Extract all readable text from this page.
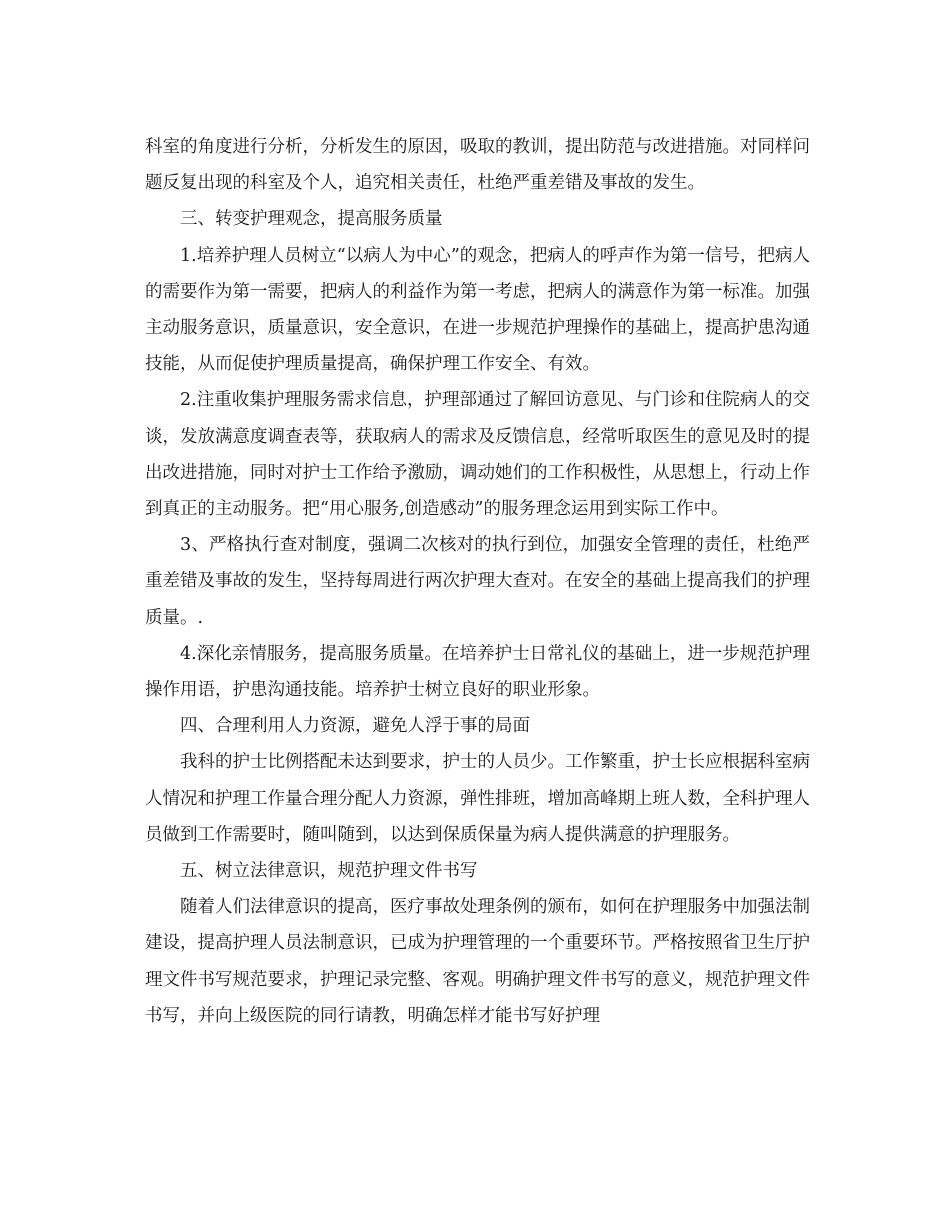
科室的角度进行分析，分析发生的原因，吸取的教训，提出防范与改进措施。对同样问题反复出现的科室及个人，追究相关责任，杜绝严重差错及事故的发生。

三、转变护理观念，提高服务质量

1.培养护理人员树立“以病人为中心”的观念，把病人的呼声作为第一信号，把病人的需要作为第一需要，把病人的利益作为第一考虑，把病人的满意作为第一标准。加强主动服务意识，质量意识，安全意识，在进一步规范护理操作的基础上，提高护患沟通技能，从而促使护理质量提高，确保护理工作安全、有效。

2.注重收集护理服务需求信息，护理部通过了解回访意见、与门诊和住院病人的交谈，发放满意度调查表等，获取病人的需求及反馈信息，经常听取医生的意见及时的提出改进措施，同时对护士工作给予激励，调动她们的工作积极性，从思想上，行动上作到真正的主动服务。把“用心服务,创造感动”的服务理念运用到实际工作中。

3、严格执行查对制度，强调二次核对的执行到位，加强安全管理的责任，杜绝严重差错及事故的发生，坚持每周进行两次护理大查对。在安全的基础上提高我们的护理质量。.

4.深化亲情服务，提高服务质量。在培养护士日常礼仪的基础上，进一步规范护理操作用语，护患沟通技能。培养护士树立良好的职业形象。

四、合理利用人力资源，避免人浮于事的局面

我科的护士比例搭配未达到要求，护士的人员少。工作繁重，护士长应根据科室病人情况和护理工作量合理分配人力资源，弹性排班，增加高峰期上班人数，全科护理人员做到工作需要时，随叫随到，以达到保质保量为病人提供满意的护理服务。

五、树立法律意识，规范护理文件书写

随着人们法律意识的提高，医疗事故处理条例的颁布，如何在护理服务中加强法制建设，提高护理人员法制意识，已成为护理管理的一个重要环节。严格按照省卫生厅护理文件书写规范要求，护理记录完整、客观。明确护理文件书写的意义，规范护理文件书写，并向上级医院的同行请教，明确怎样才能书写好护理
